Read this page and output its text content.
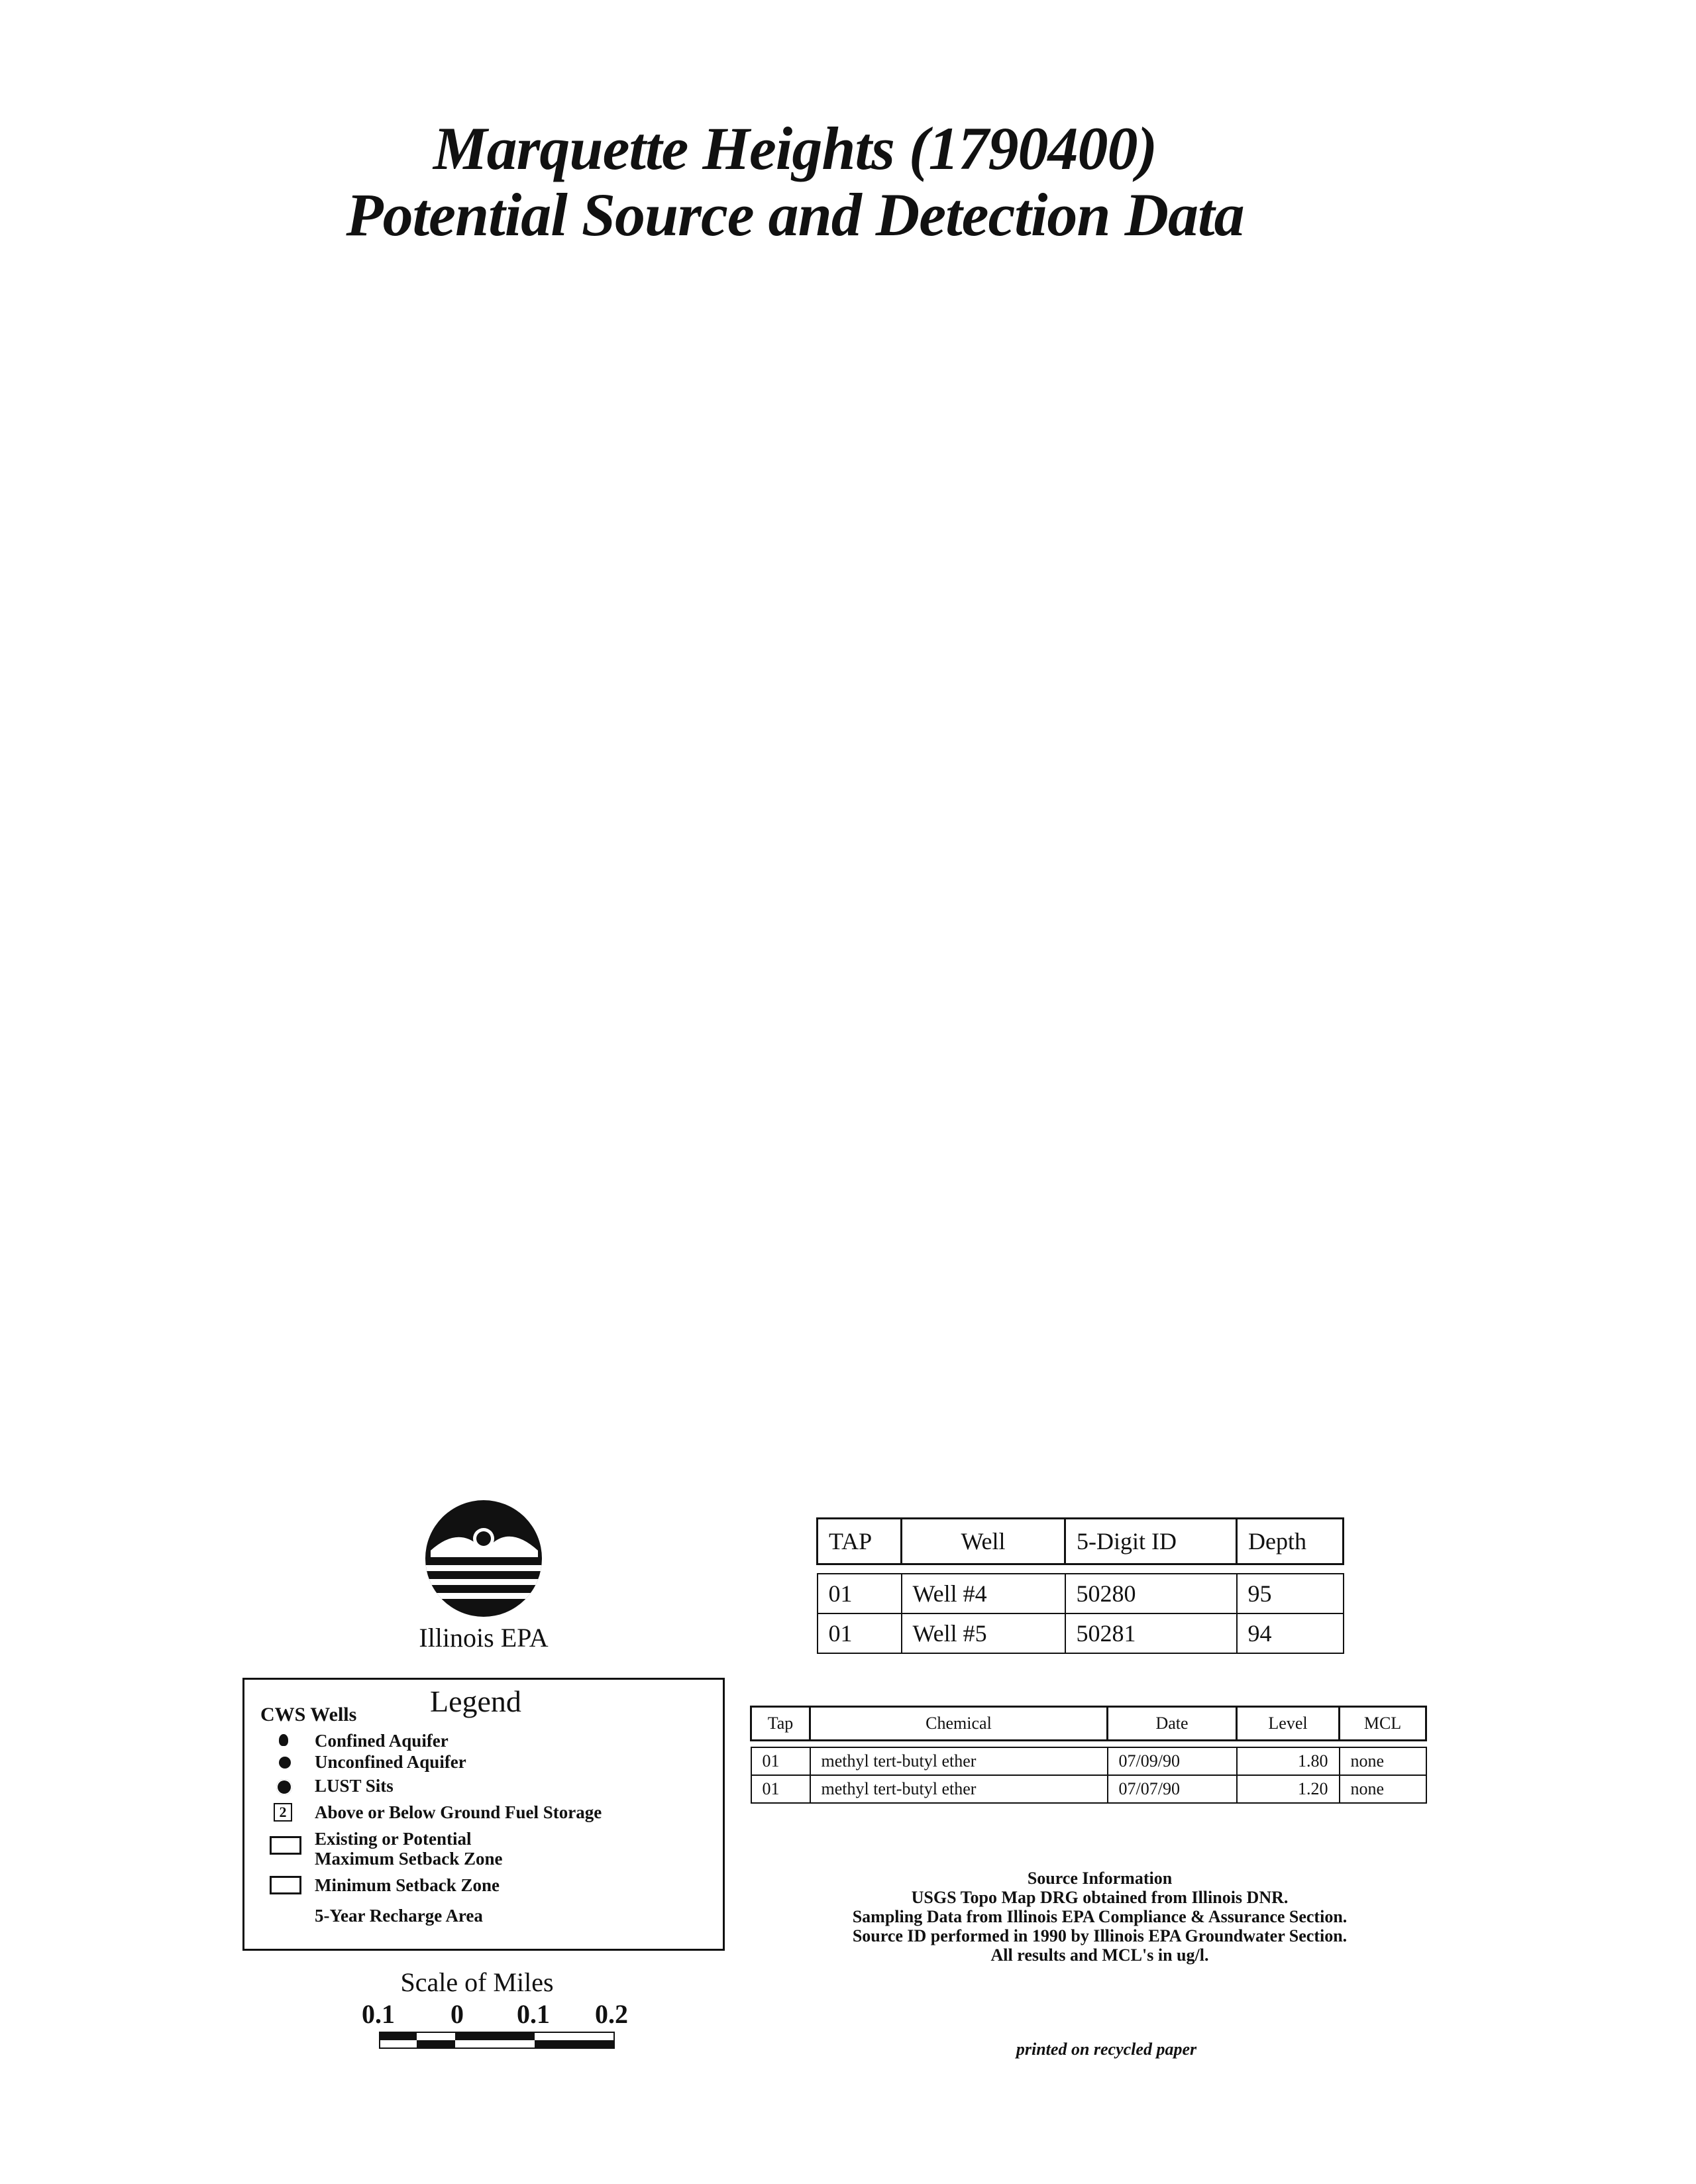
Marquette Heights (1790400)
Potential Source and Detection Data
Illinois EPA
Legend
CWS Wells
Confined Aquifer
Unconfined Aquifer
LUST Sits
2	Above or Below Ground Fuel Storage
Existing or Potential
Maximum Setback Zone
Minimum Setback Zone
5-Year Recharge Area
Scale of Miles
0.1 0 0.1 0.2
TAP	Well	5-Digit ID	Depth

01	Well #4	50280	95
01	Well #5	50281	94
Tap	Chemical	Date	Level	MCL

01	methyl tert-butyl ether	07/09/90	1.80	none
01	methyl tert-butyl ether	07/07/90	1.20	none
Source Information
USGS Topo Map DRG obtained from Illinois DNR.
Sampling Data from Illinois EPA Compliance & Assurance Section.
Source ID performed in 1990 by Illinois EPA Groundwater Section.
All results and MCL's in ug/l.
printed on recycled paper
